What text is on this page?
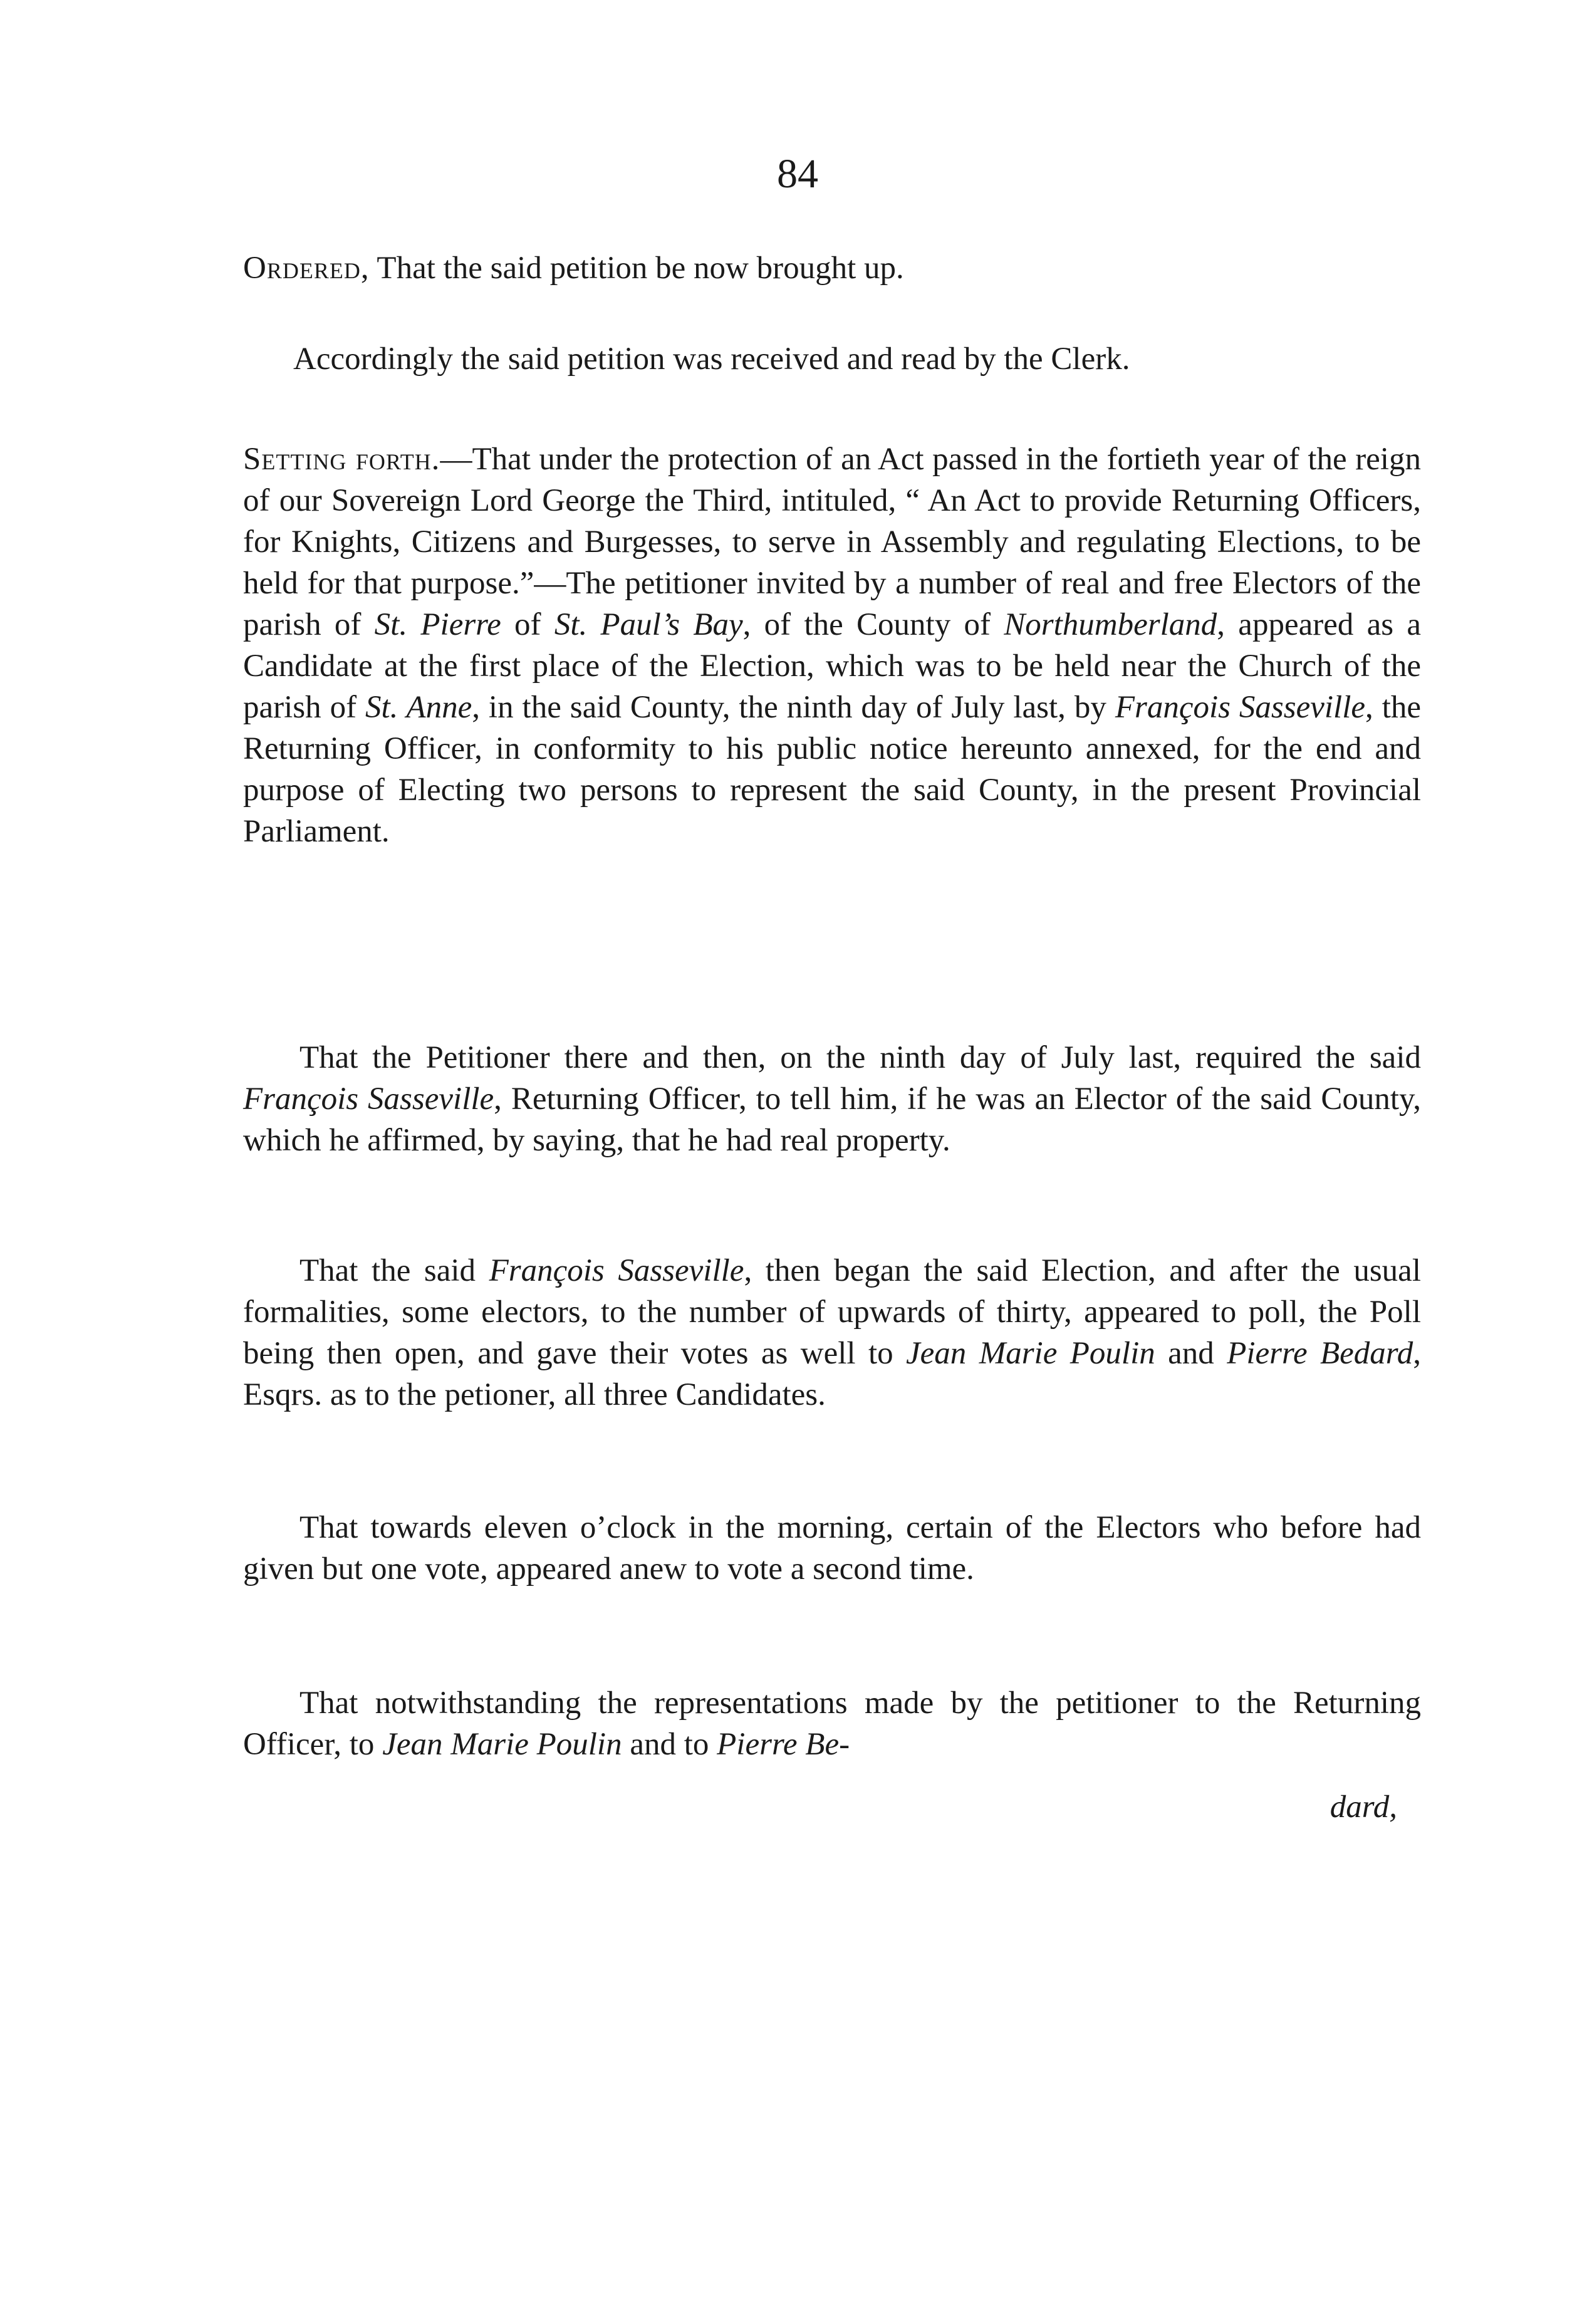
84

Ordered, That the said petition be now brought up.

Accordingly the said petition was received and read by the Clerk.

Setting forth.—That under the protection of an Act passed in the fortieth year of the reign of our Sovereign Lord George the Third, intituled, “ An Act to provide Returning Officers, for Knights, Citizens and Burgesses, to serve in Assembly and regulating Elections, to be held for that purpose.”—The petitioner invited by a number of real and free Electors of the parish of St. Pierre of St. Paul’s Bay, of the County of Northumberland, appeared as a Candidate at the first place of the Election, which was to be held near the Church of the parish of St. Anne, in the said County, the ninth day of July last, by François Sasseville, the Returning Officer, in conformity to his public notice hereunto annexed, for the end and purpose of Electing two persons to represent the said County, in the present Provincial Parliament.

That the Petitioner there and then, on the ninth day of July last, required the said François Sasseville, Returning Officer, to tell him, if he was an Elector of the said County, which he affirmed, by saying, that he had real property.

That the said François Sasseville, then began the said Election, and after the usual formalities, some electors, to the number of upwards of thirty, appeared to poll, the Poll being then open, and gave their votes as well to Jean Marie Poulin and Pierre Bedard, Esqrs. as to the petioner, all three Candidates.

That towards eleven o’clock in the morning, certain of the Electors who before had given but one vote, appeared anew to vote a second time.

That notwithstanding the representations made by the petitioner to the Returning Officer, to Jean Marie Poulin and to Pierre Be-

dard,
